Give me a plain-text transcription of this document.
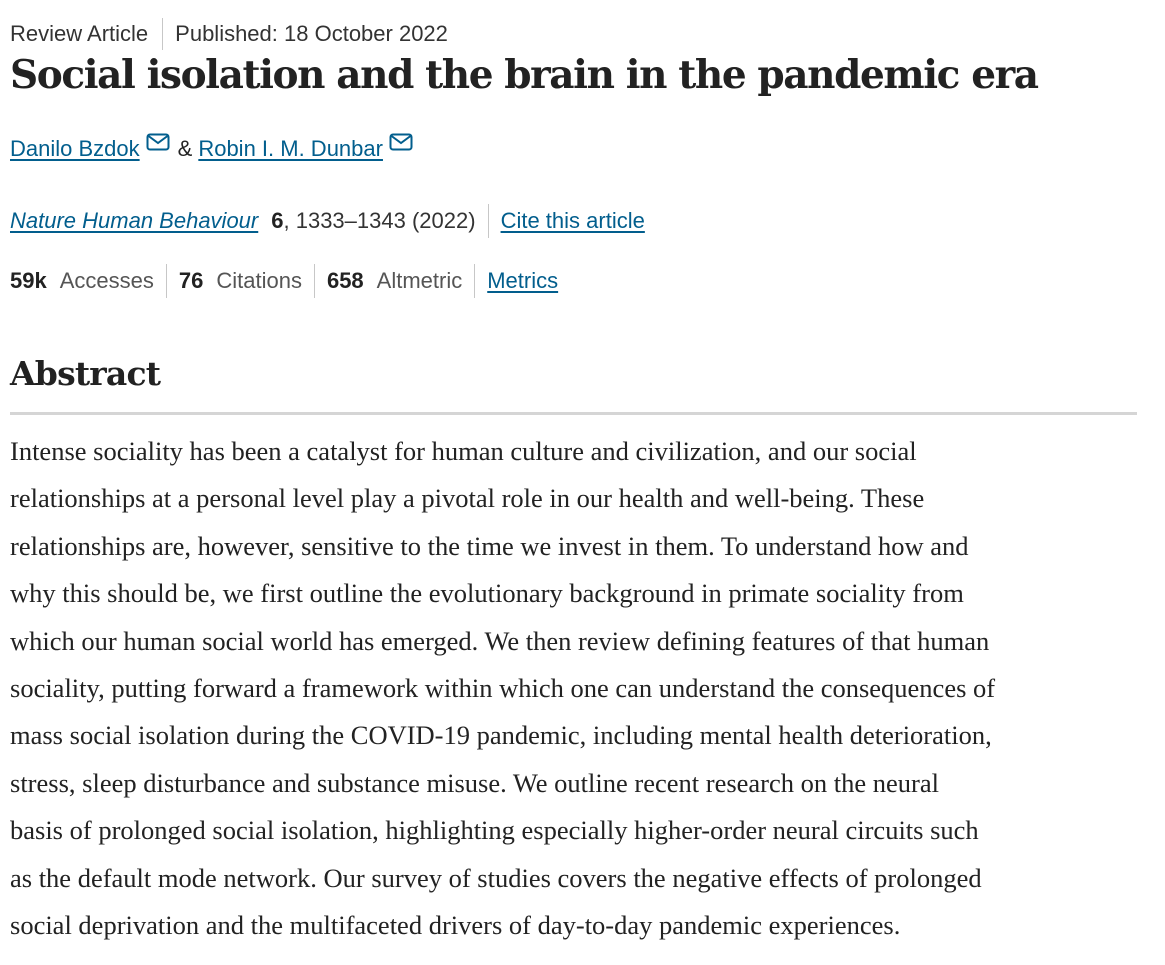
Review Article Published: 18 October 2022
Social isolation and the brain in the pandemic era
Danilo Bzdok & Robin I. M. Dunbar
Nature Human Behaviour 6 , 1333–1343 (2022) Cite this article
59k Accesses 76 Citations 658 Altmetric Metrics
Abstract

Intense sociality has been a catalyst for human culture and civilization, and our social
relationships at a personal level play a pivotal role in our health and well-being. These
relationships are, however, sensitive to the time we invest in them. To understand how and
why this should be, we first outline the evolutionary background in primate sociality from
which our human social world has emerged. We then review defining features of that human
sociality, putting forward a framework within which one can understand the consequences of
mass social isolation during the COVID-19 pandemic, including mental health deterioration,
stress, sleep disturbance and substance misuse. We outline recent research on the neural
basis of prolonged social isolation, highlighting especially higher-order neural circuits such
as the default mode network. Our survey of studies covers the negative effects of prolonged
social deprivation and the multifaceted drivers of day-to-day pandemic experiences.
